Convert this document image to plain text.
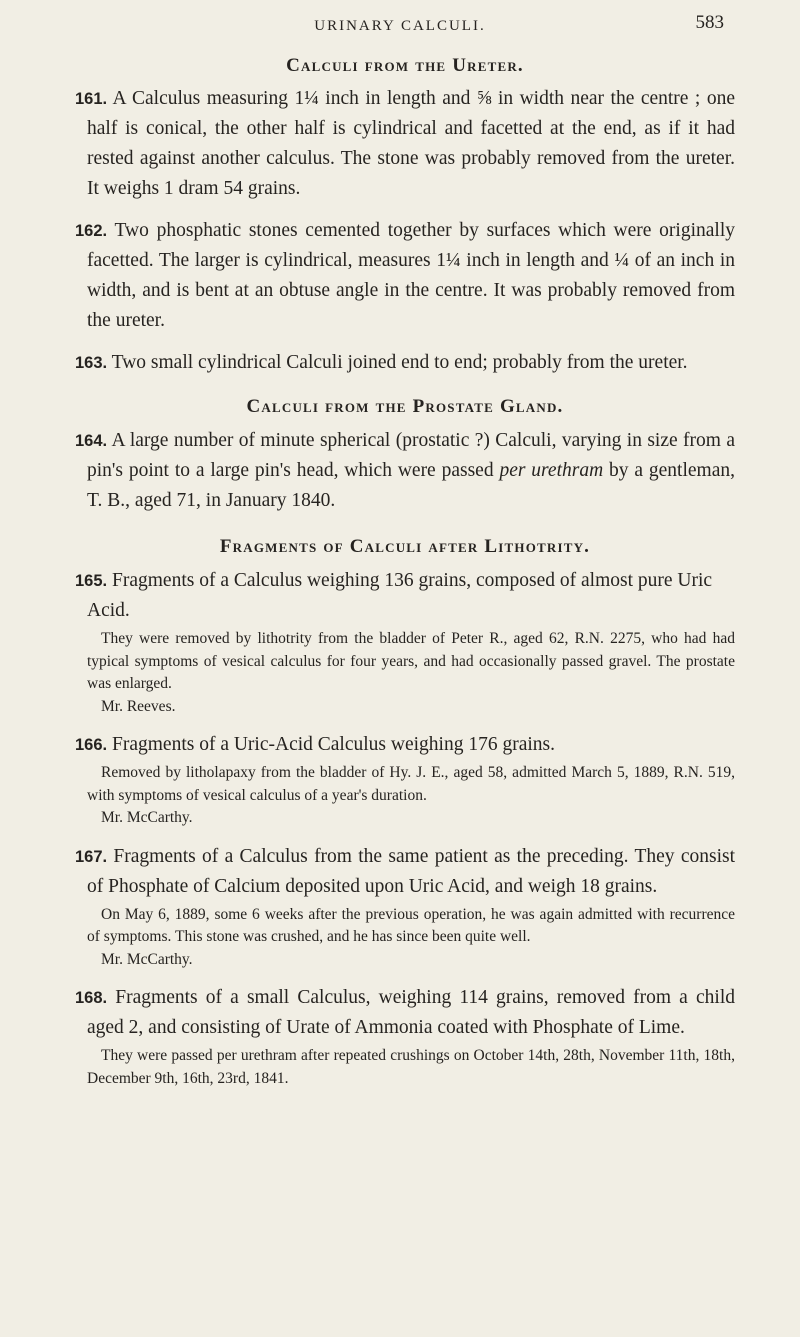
URINARY CALCULI.	583
Calculi from the Ureter.

161. A Calculus measuring 1¼ inch in length and ⅝ in width near the centre ; one half is conical, the other half is cylindrical and facetted at the end, as if it had rested against another calculus. The stone was probably removed from the ureter. It weighs 1 dram 54 grains.

162. Two phosphatic stones cemented together by surfaces which were originally facetted. The larger is cylindrical, measures 1¼ inch in length and ¼ of an inch in width, and is bent at an obtuse angle in the centre. It was probably removed from the ureter.

163. Two small cylindrical Calculi joined end to end; probably from the ureter.

Calculi from the Prostate Gland.

164. A large number of minute spherical (prostatic ?) Calculi, varying in size from a pin's point to a large pin's head, which were passed per urethram by a gentleman, T. B., aged 71, in January 1840.

Fragments of Calculi after Lithotrity.

165. Fragments of a Calculus weighing 136 grains, composed of almost pure Uric Acid.

They were removed by lithotrity from the bladder of Peter R., aged 62, R.N. 2275, who had had typical symptoms of vesical calculus for four years, and had occasionally passed gravel. The prostate was enlarged.

Mr. Reeves.

166. Fragments of a Uric-Acid Calculus weighing 176 grains.

Removed by litholapaxy from the bladder of Hy. J. E., aged 58, admitted March 5, 1889, R.N. 519, with symptoms of vesical calculus of a year's duration.

Mr. McCarthy.

167. Fragments of a Calculus from the same patient as the preceding. They consist of Phosphate of Calcium deposited upon Uric Acid, and weigh 18 grains.

On May 6, 1889, some 6 weeks after the previous operation, he was again admitted with recurrence of symptoms. This stone was crushed, and he has since been quite well.

Mr. McCarthy.

168. Fragments of a small Calculus, weighing 114 grains, removed from a child aged 2, and consisting of Urate of Ammonia coated with Phosphate of Lime.

They were passed per urethram after repeated crushings on October 14th, 28th, November 11th, 18th, December 9th, 16th, 23rd, 1841.
